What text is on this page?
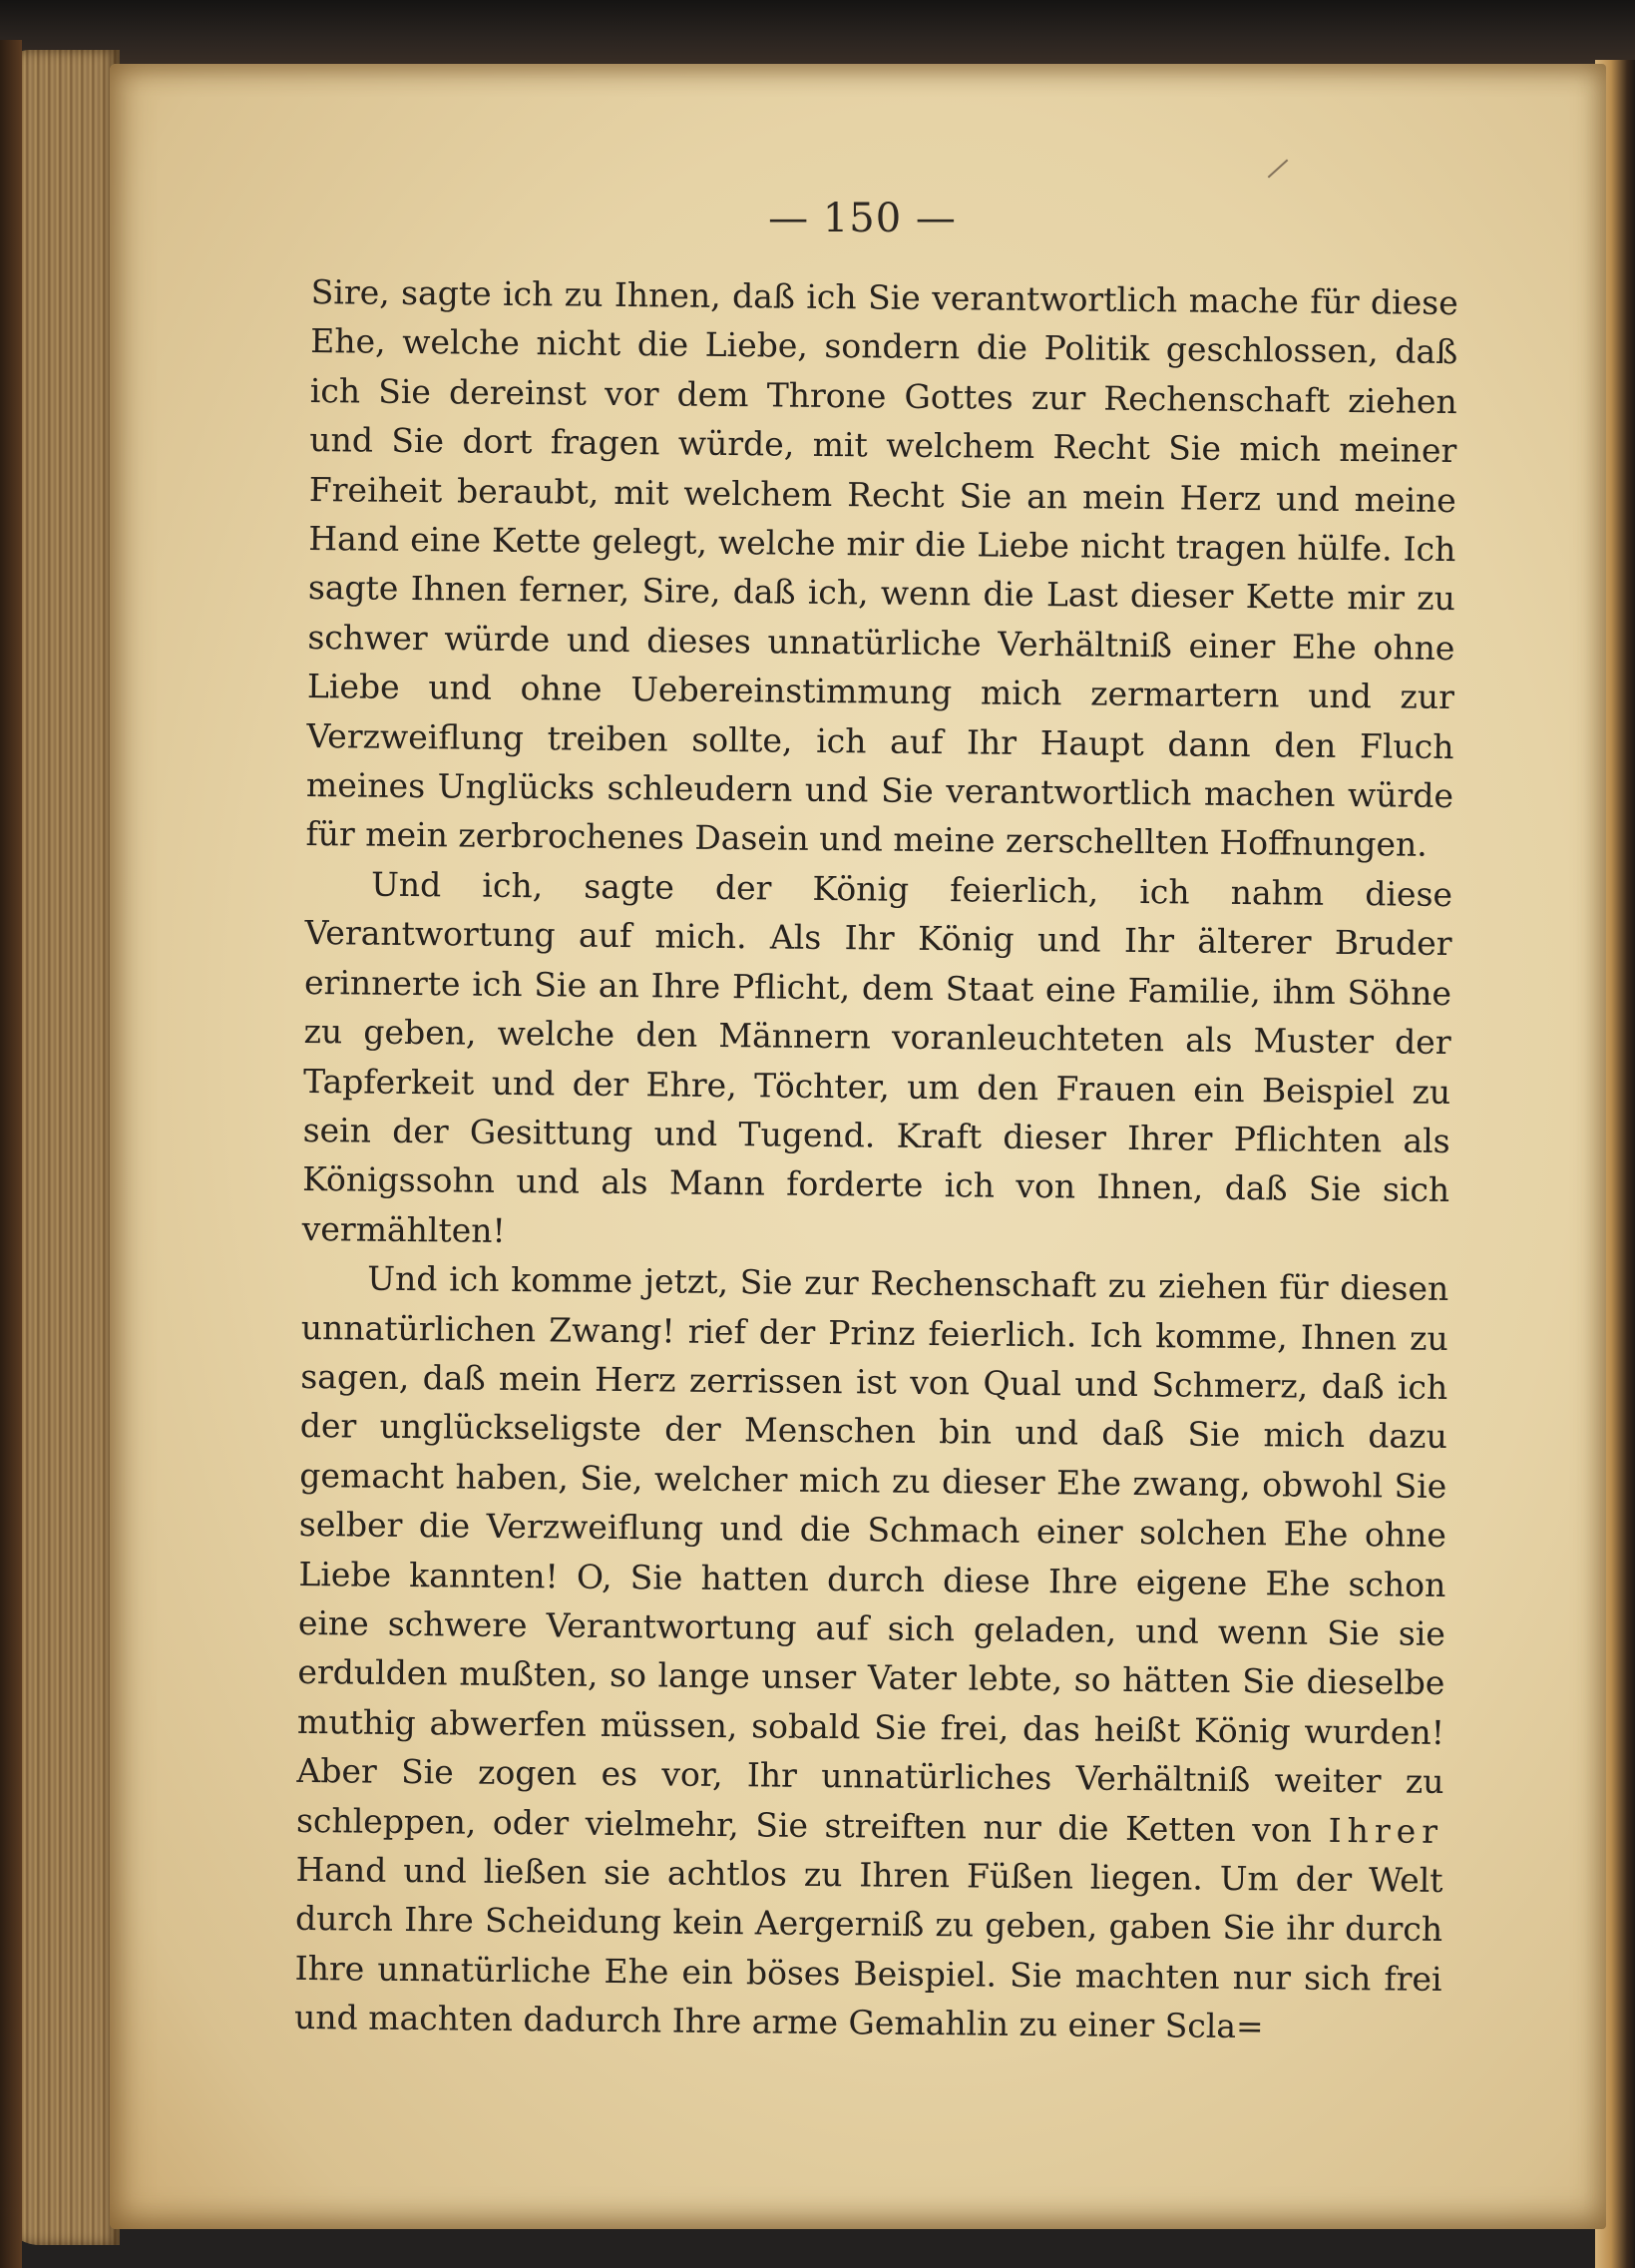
— 150 —

Sire, sagte ich zu Ihnen, daß ich Sie verantwortlich mache für diese Ehe, welche nicht die Liebe, sondern die Politik geschlossen, daß ich Sie dereinst vor dem Throne Gottes zur Rechenschaft ziehen und Sie dort fragen würde, mit welchem Recht Sie mich meiner Freiheit beraubt, mit welchem Recht Sie an mein Herz und meine Hand eine Kette gelegt, welche mir die Liebe nicht tragen hülfe. Ich sagte Ihnen ferner, Sire, daß ich, wenn die Last dieser Kette mir zu schwer würde und dieses unnatürliche Verhältniß einer Ehe ohne Liebe und ohne Uebereinstimmung mich zermartern und zur Verzweiflung treiben sollte, ich auf Ihr Haupt dann den Fluch meines Unglücks schleudern und Sie verantwortlich machen würde für mein zerbrochenes Dasein und meine zerschellten Hoffnungen.

Und ich, sagte der König feierlich, ich nahm diese Verantwortung auf mich. Als Ihr König und Ihr älterer Bruder erinnerte ich Sie an Ihre Pflicht, dem Staat eine Familie, ihm Söhne zu geben, welche den Männern voranleuchteten als Muster der Tapferkeit und der Ehre, Töchter, um den Frauen ein Beispiel zu sein der Gesittung und Tugend. Kraft dieser Ihrer Pflichten als Königssohn und als Mann forderte ich von Ihnen, daß Sie sich vermählten!

Und ich komme jetzt, Sie zur Rechenschaft zu ziehen für diesen unnatürlichen Zwang! rief der Prinz feierlich. Ich komme, Ihnen zu sagen, daß mein Herz zerrissen ist von Qual und Schmerz, daß ich der unglückseligste der Menschen bin und daß Sie mich dazu gemacht haben, Sie, welcher mich zu dieser Ehe zwang, obwohl Sie selber die Verzweiflung und die Schmach einer solchen Ehe ohne Liebe kannten! O, Sie hatten durch diese Ihre eigene Ehe schon eine schwere Verantwortung auf sich geladen, und wenn Sie sie erdulden mußten, so lange unser Vater lebte, so hätten Sie dieselbe muthig abwerfen müssen, sobald Sie frei, das heißt König wurden! Aber Sie zogen es vor, Ihr unnatürliches Verhältniß weiter zu schleppen, oder vielmehr, Sie streiften nur die Ketten von Ihrer Hand und ließen sie achtlos zu Ihren Füßen liegen. Um der Welt durch Ihre Scheidung kein Aergerniß zu geben, gaben Sie ihr durch Ihre unnatürliche Ehe ein böses Beispiel. Sie machten nur sich frei und machten dadurch Ihre arme Gemahlin zu einer Scla=
